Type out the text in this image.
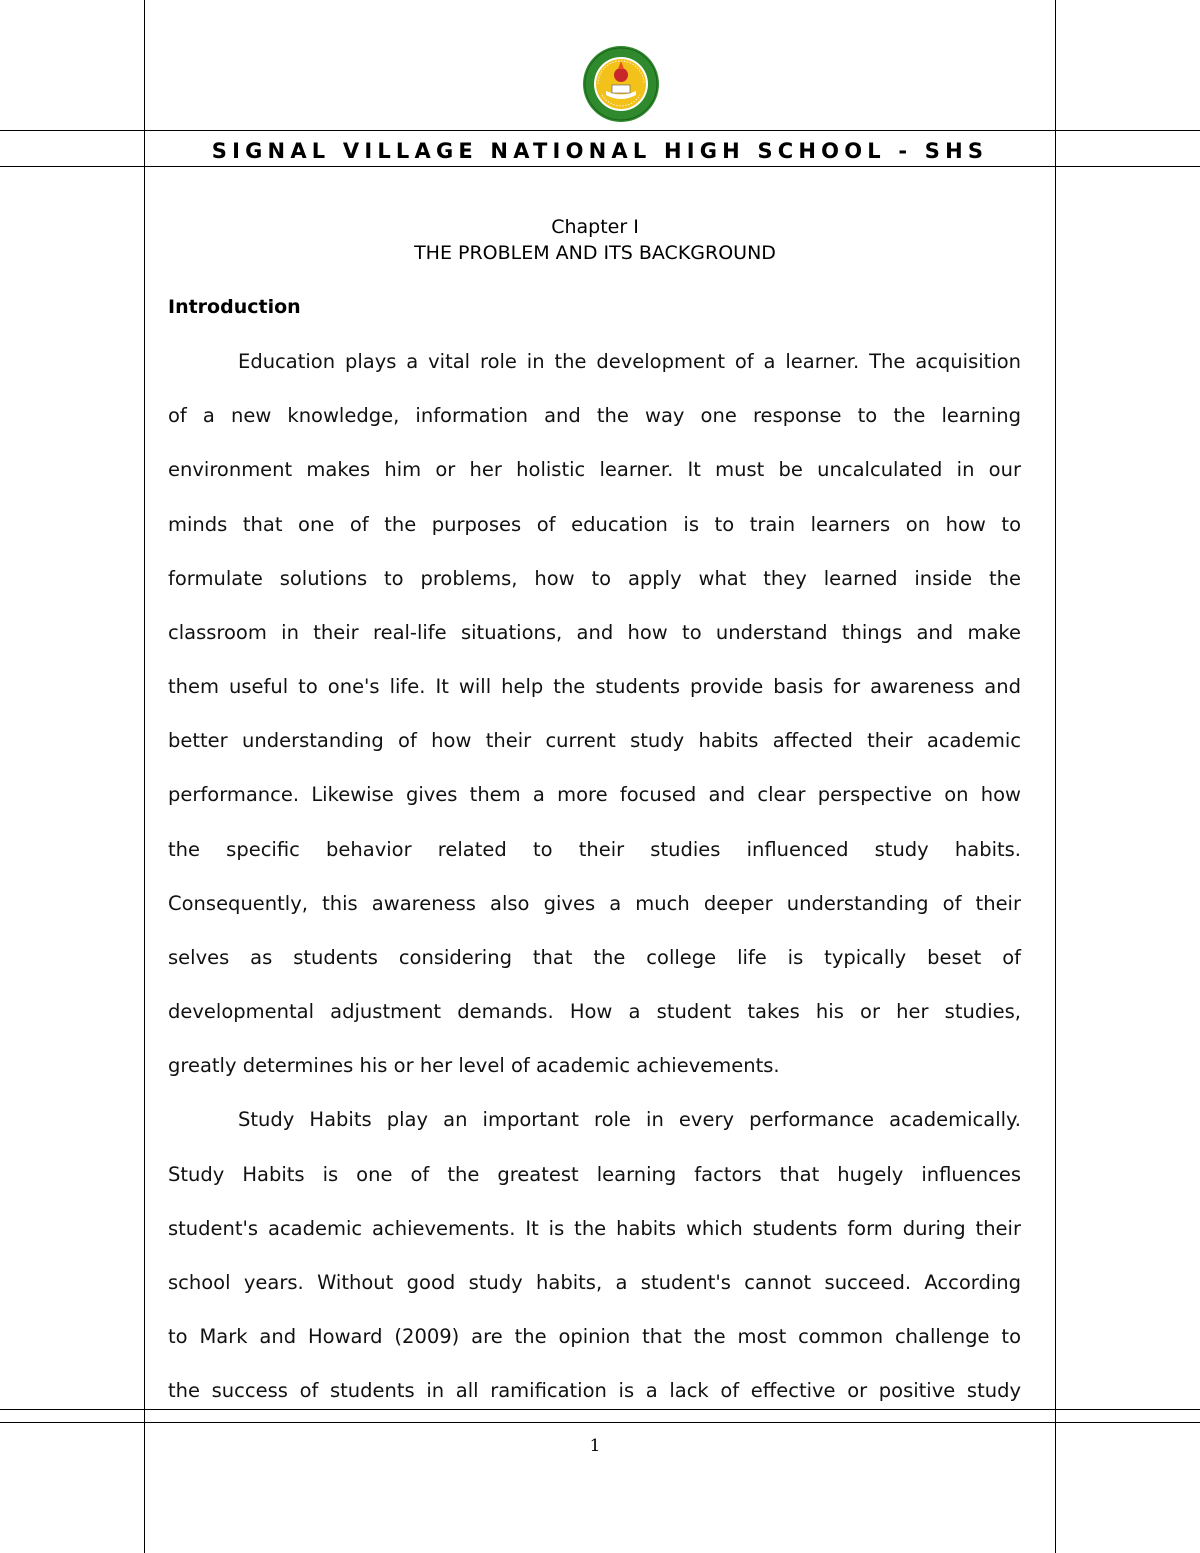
SIGNAL VILLAGE NATIONAL HIGH SCHOOL - SHS
Chapter I
THE PROBLEM AND ITS BACKGROUND
Introduction
Education plays a vital role in the development of a learner. The acquisition
of a new knowledge, information and the way one response to the learning
environment makes him or her holistic learner. It must be uncalculated in our
minds that one of the purposes of education is to train learners on how to
formulate solutions to problems, how to apply what they learned inside the
classroom in their real-life situations, and how to understand things and make
them useful to one's life. It will help the students provide basis for awareness and
better understanding of how their current study habits affected their academic
performance. Likewise gives them a more focused and clear perspective on how
the specific behavior related to their studies influenced study habits.
Consequently, this awareness also gives a much deeper understanding of their
selves as students considering that the college life is typically beset of
developmental adjustment demands. How a student takes his or her studies,
greatly determines his or her level of academic achievements.
Study Habits play an important role in every performance academically.
Study Habits is one of the greatest learning factors that hugely influences
student's academic achievements. It is the habits which students form during their
school years. Without good study habits, a student's cannot succeed. According
to Mark and Howard (2009) are the opinion that the most common challenge to
the success of students in all ramification is a lack of effective or positive study
1
